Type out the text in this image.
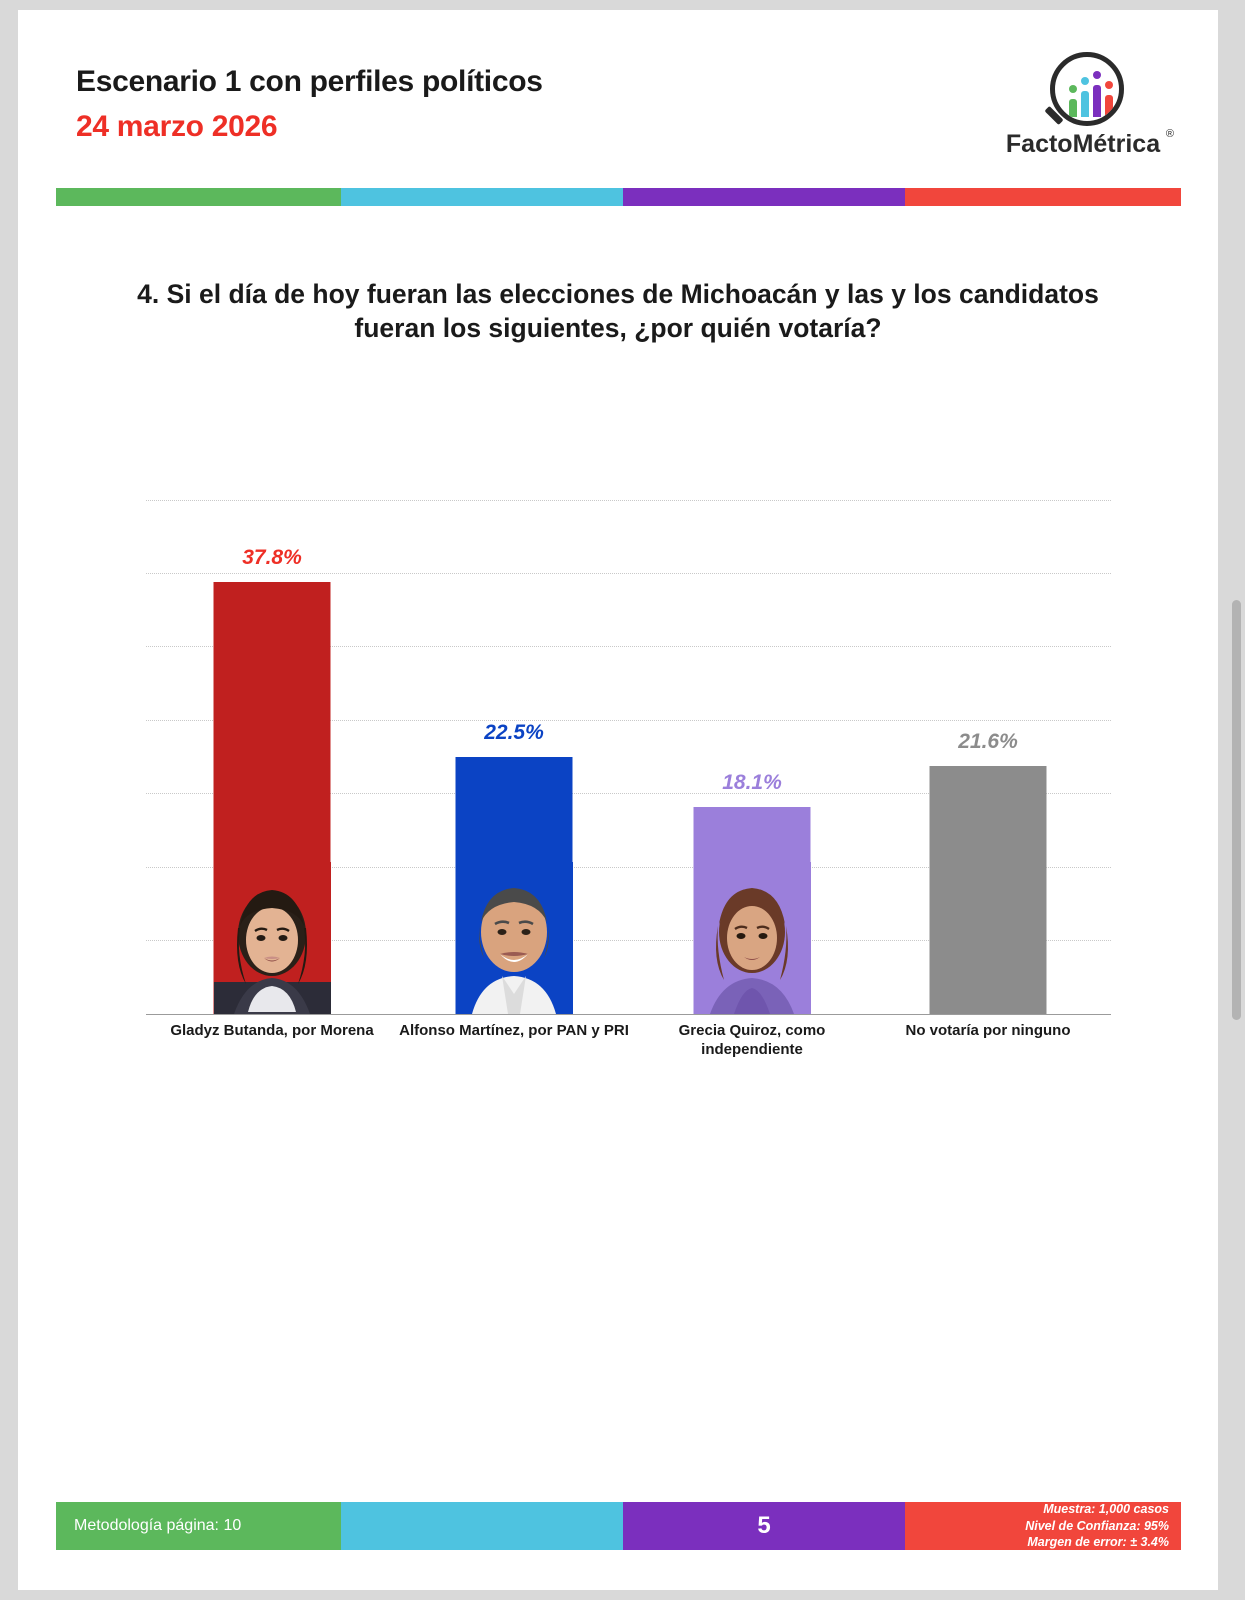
Escenario 1 con perfiles políticos
24 marzo 2026
FactoMétrica ®
4. Si el día de hoy fueran las elecciones de Michoacán y las y los candidatos fueran los siguientes, ¿por quién votaría?
37.8%
Gladyz Butanda, por Morena
22.5%
Alfonso Martínez, por PAN y PRI
18.1%
Grecia Quiroz, como independiente
21.6%
No votaría por ninguno
Metodología página: 10	5
Muestra: 1,000 casos
Nivel de Confianza: 95%
Margen de error: ± 3.4%
